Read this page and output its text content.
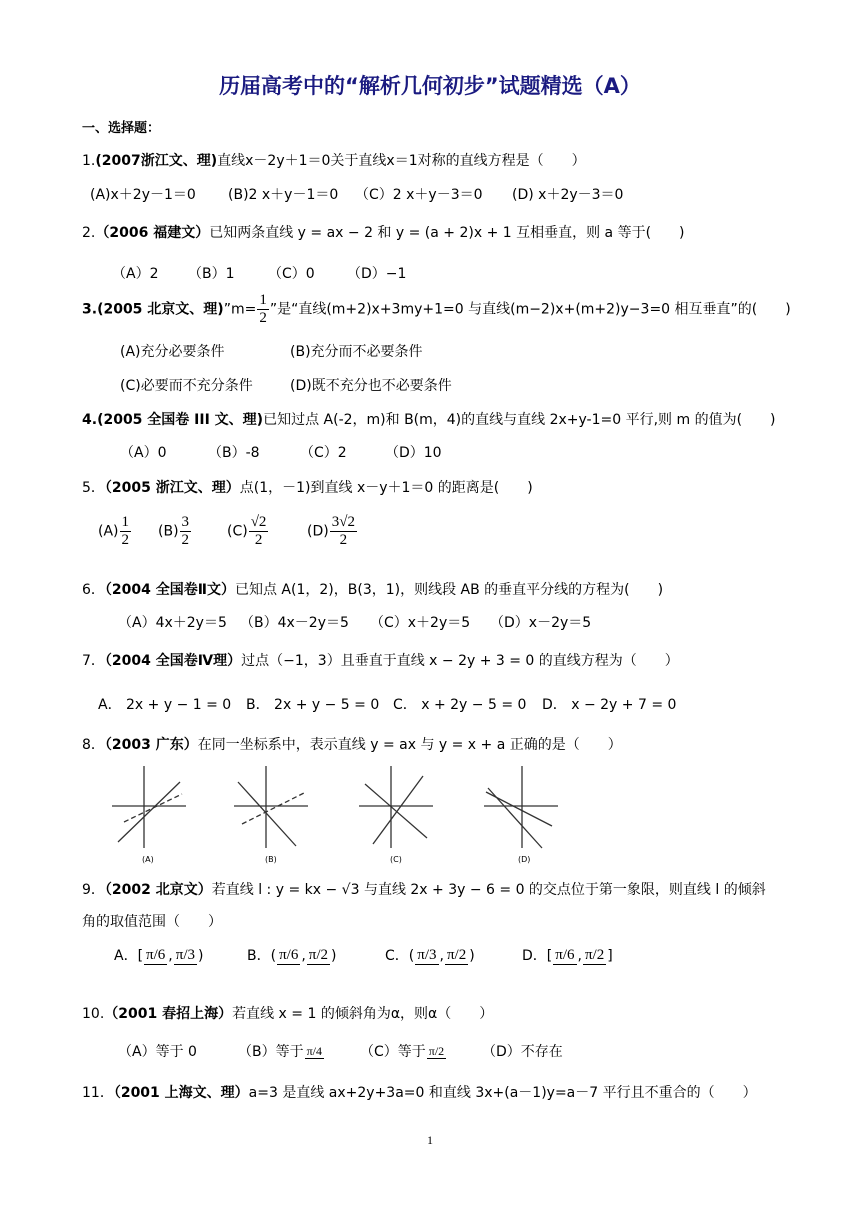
历届高考中的“解析几何初步”试题精选（A）
一、选择题：
1.(2007浙江文、理)直线x－2y＋1＝0关于直线x＝1对称的直线方程是（　　）
(A)x＋2y－1＝0 (B)2 x＋y－1＝0 （C）2 x＋y－3＝0 (D) x＋2y－3＝0
2.（2006 福建文）已知两条直线 y = ax − 2 和 y = (a + 2)x + 1 互相垂直，则 a 等于(　　)
（A）2 （B）1 （C）0 （D）−1
3.(2005 北京文、理)”m= $\frac{1}{2}$ ”是“直线(m+2)x+3my+1=0 与直线(m−2)x+(m+2)y−3=0 相互垂直”的(　　)
(A)充分必要条件	(B)充分而不必要条件
(C)必要而不充分条件	(D)既不充分也不必要条件
4.(2005 全国卷 III 文、理)已知过点 A(-2，m)和 B(m，4)的直线与直线 2x+y-1=0 平行,则 m 的值为(　　)
（A）0	（B）-8	（C）2	（D）10
5．（2005 浙江文、理）点(1，－1)到直线 x－y＋1＝0 的距离是(　　)
$(A) \frac{1}{2} (B) \frac{3}{2}$	$(C) \frac{√2}{2}$	$(D) \frac{3√2}{2}$
6．（2004 全国卷Ⅱ文）已知点 A(1，2)，B(3，1)，则线段 AB 的垂直平分线的方程为(　　)
（A）4x＋2y＝5 （B）4x－2y＝5 （C）x＋2y＝5 （D）x－2y＝5
7．（2004 全国卷Ⅳ理）过点（−1，3）且垂直于直线 x − 2y + 3 = 0 的直线方程为（　　）
A． 2x + y − 1 = 0 B． 2x + y − 5 = 0 C． x + 2y − 5 = 0 D． x − 2y + 7 = 0
8．（2003 广东）在同一坐标系中，表示直线 y = ax 与 y = x + a 正确的是（　　）
(A)	(B)	(C)	(D)
9．（2002 北京文）若直线 l : y = kx − √3 与直线 2x + 3y − 6 = 0 的交点位于第一象限，则直线 l 的倾斜
角的取值范围（　　）
A．[ π/6 , π/3 )	B．( π/6 , π/2 )	C．( π/3 , π/2 )	D．[ π/6 , π/2 ]
10.（2001 春招上海）若直线 x = 1 的倾斜角为α，则α（　　）
（A）等于 0	（B）等于 π/4	（C）等于 π/2	（D）不存在
11．（2001 上海文、理）a=3 是直线 ax+2y+3a=0 和直线 3x+(a－1)y=a－7 平行且不重合的（　　）
1
